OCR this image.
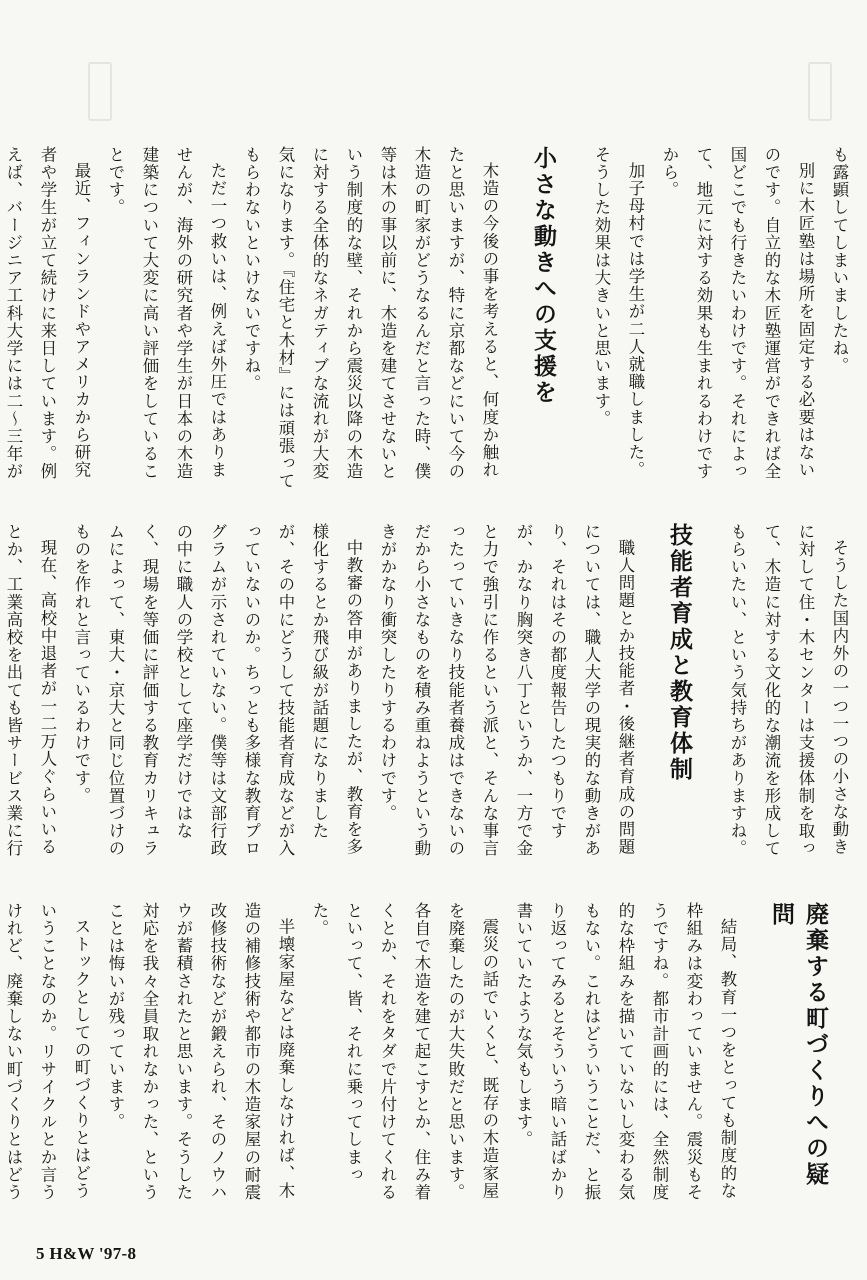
も露顕してしまいましたね。

別に木匠塾は場所を固定する必要はないのです。自立的な木匠塾運営ができれば全国どこでも行きたいわけです。それによって、地元に対する効果も生まれるわけですから。

加子母村では学生が二人就職しました。そうした効果は大きいと思います。

小さな動きへの支援を

木造の今後の事を考えると、何度か触れたと思いますが、特に京都などにいて今の木造の町家がどうなるんだと言った時、僕等は木の事以前に、木造を建てさせないという制度的な壁、それから震災以降の木造に対する全体的なネガティブな流れが大変気になります。『住宅と木材』には頑張ってもらわないといけないですね。

ただ一つ救いは、例えば外圧ではありませんが、海外の研究者や学生が日本の木造建築について大変に高い評価をしていることです。

最近、フィンランドやアメリカから研究者や学生が立て続けに来日しています。例えば、バージニア工科大学には二〜三年が

そうした国内外の一つ一つの小さな動きに対して住・木センターは支援体制を取って、木造に対する文化的な潮流を形成してもらいたい、という気持ちがありますね。

技能者育成と教育体制

職人問題とか技能者・後継者育成の問題については、職人大学の現実的な動きがあり、それはその都度報告したつもりですが、かなり胸突き八丁というか、一方で金と力で強引に作るという派と、そんな事言ったっていきなり技能者養成はできないのだから小さなものを積み重ねようという動きがかなり衝突したりするわけです。

中教審の答申がありましたが、教育を多様化するとか飛び級が話題になりましたが、その中にどうして技能者育成などが入っていないのか。ちっとも多様な教育プログラムが示されていない。僕等は文部行政の中に職人の学校として座学だけではなく、現場を等価に評価する教育カリキュラムによって、東大・京大と同じ位置づけのものを作れと言っているわけです。

現在、高校中退者が一二万人ぐらいいるとか、工業高校を出ても皆サービス業に行

廃棄する町づくりへの疑問

結局、教育一つをとっても制度的な枠組みは変わっていません。震災もそうですね。都市計画的には、全然制度的な枠組みを描いていないし変わる気もない。これはどういうことだ、と振り返ってみるとそういう暗い話ばかり書いていたような気もします。

震災の話でいくと、既存の木造家屋を廃棄したのが大失敗だと思います。各自で木造を建て起こすとか、住み着くとか、それをタダで片付けてくれるといって、皆、それに乗ってしまった。

半壊家屋などは廃棄しなければ、木造の補修技術や都市の木造家屋の耐震改修技術などが鍛えられ、そのノウハウが蓄積されたと思います。そうした対応を我々全員取れなかった、ということは悔いが残っています。

ストックとしての町づくりとはどういうことなのか。リサイクルとか言うけれど、廃棄しない町づくりとはどう

5 H&W '97-8
